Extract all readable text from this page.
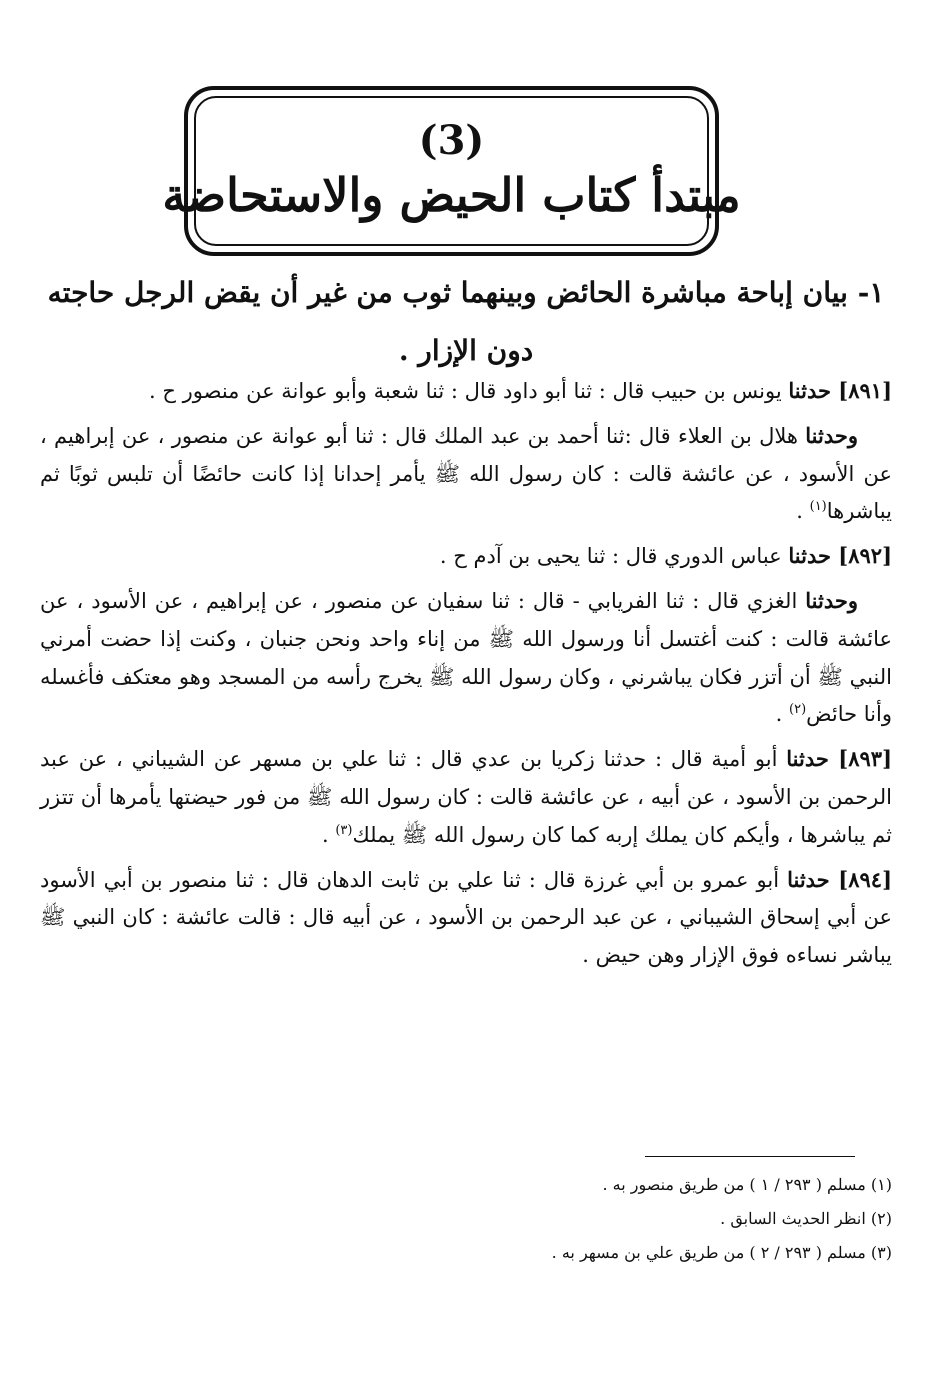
(3)
مبتدأ كتاب الحيض والاستحاضة
١- بيان إباحة مباشرة الحائض وبينهما ثوب من غير أن يقض الرجل حاجته دون الإزار .

[٨٩١] حدثنا يونس بن حبيب قال : ثنا أبو داود قال : ثنا شعبة وأبو عوانة عن منصور ح .

وحدثنا هلال بن العلاء قال :ثنا أحمد بن عبد الملك قال : ثنا أبو عوانة عن منصور ، عن إبراهيم ، عن الأسود ، عن عائشة قالت : كان رسول الله ﷺ يأمر إحدانا إذا كانت حائضًا أن تلبس ثوبًا ثم يباشرها$^{(١)}$ .

[٨٩٢] حدثنا عباس الدوري قال : ثنا يحيى بن آدم ح .

وحدثنا الغزي قال : ثنا الفريابي - قال : ثنا سفيان عن منصور ، عن إبراهيم ، عن الأسود ، عن عائشة قالت : كنت أغتسل أنا ورسول الله ﷺ من إناء واحد ونحن جنبان ، وكنت إذا حضت أمرني النبي ﷺ أن أتزر فكان يباشرني ، وكان رسول الله ﷺ يخرج رأسه من المسجد وهو معتكف فأغسله وأنا حائض$^{(٢)}$ .

[٨٩٣] حدثنا أبو أمية قال : حدثنا زكريا بن عدي قال : ثنا علي بن مسهر عن الشيباني ، عن عبد الرحمن بن الأسود ، عن أبيه ، عن عائشة قالت : كان رسول الله ﷺ من فور حيضتها يأمرها أن تتزر ثم يباشرها ، وأيكم كان يملك إربه كما كان رسول الله ﷺ يملك$^{(٣)}$ .

[٨٩٤] حدثنا أبو عمرو بن أبي غرزة قال : ثنا علي بن ثابت الدهان قال : ثنا منصور بن أبي الأسود عن أبي إسحاق الشيباني ، عن عبد الرحمن بن الأسود ، عن أبيه قال : قالت عائشة : كان النبي ﷺ يباشر نساءه فوق الإزار وهن حيض .

(١) مسلم ( ٢٩٣ / ١ ) من طريق منصور به .

(٢) انظر الحديث السابق .

(٣) مسلم ( ٢٩٣ / ٢ ) من طريق علي بن مسهر به .
